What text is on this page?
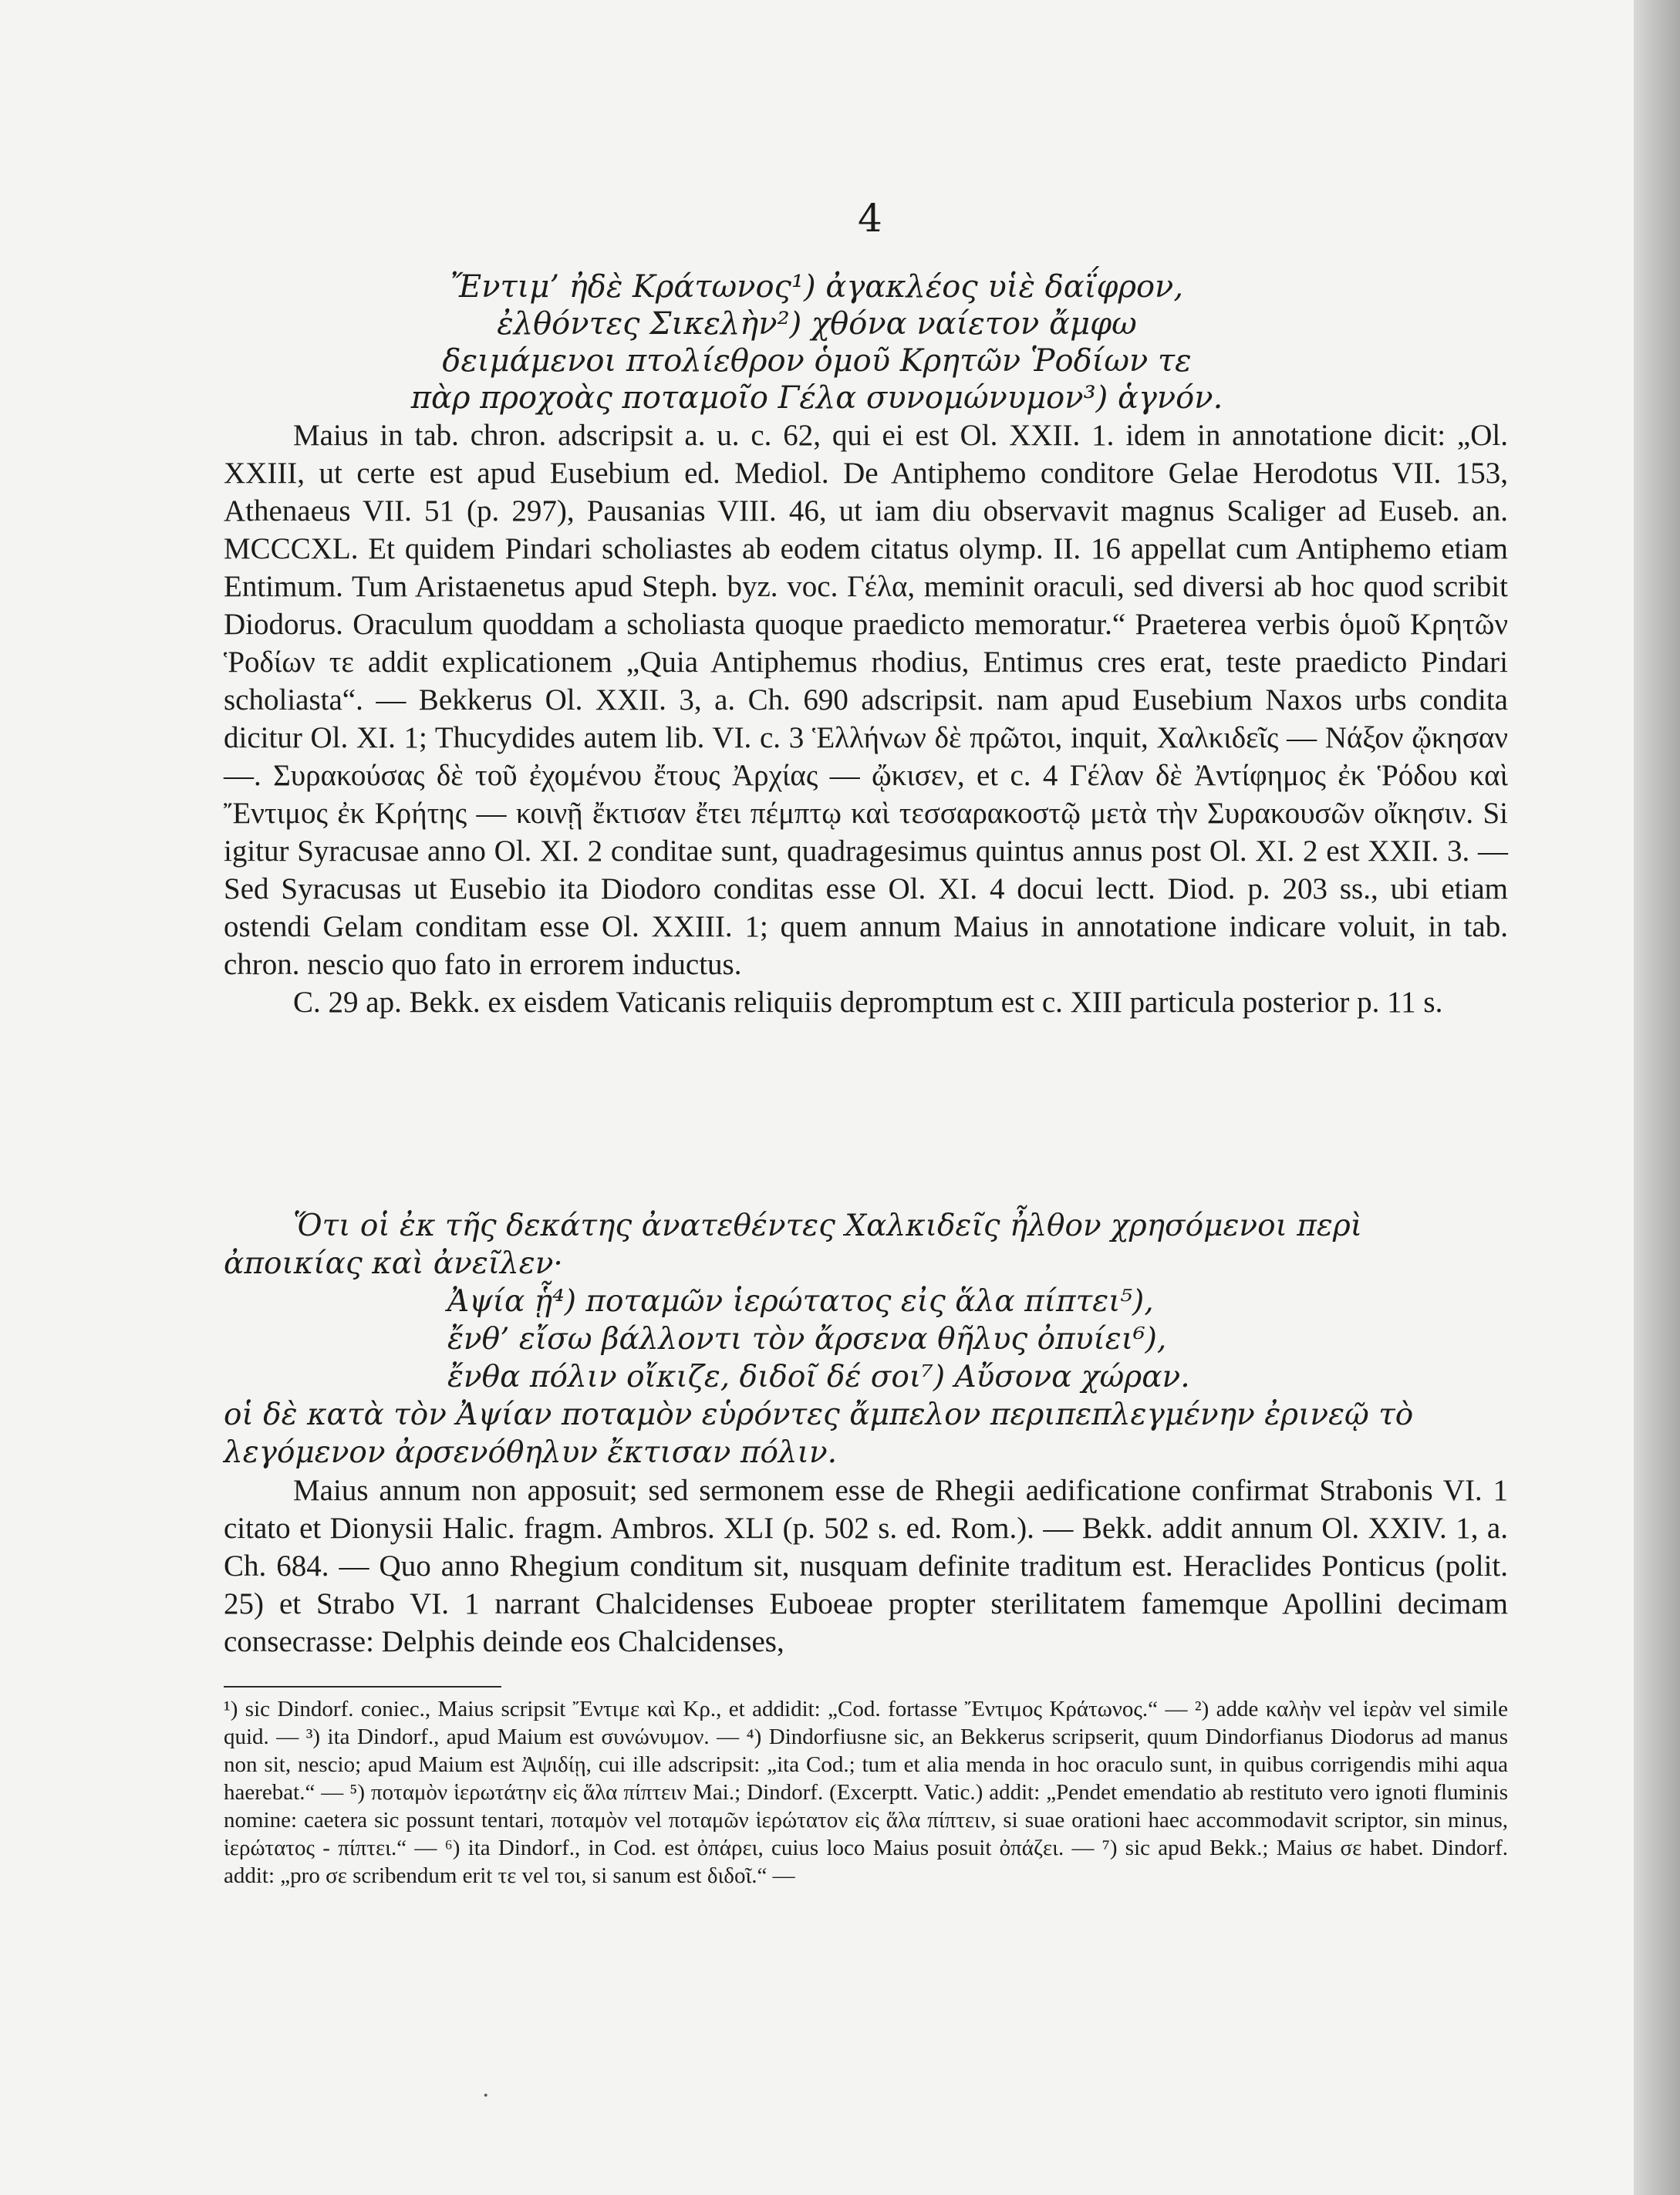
4
Ἔντιμ’ ἠδὲ Κράτωνος¹) ἀγακλέος υἱὲ δαΐφρον,
ἐλθόντες Σικελὴν²) χθόνα ναίετον ἄμφω
δειμάμενοι πτολίεθρον ὁμοῦ Κρητῶν Ῥοδίων τε
πὰρ προχοὰς ποταμοῖο Γέλα συνομώνυμον³) ἁγνόν.

Maius in tab. chron. adscripsit a. u. c. 62, qui ei est Ol. XXII. 1. idem in annotatione dicit: „Ol. XXIII, ut certe est apud Eusebium ed. Mediol. De Antiphemo conditore Gelae Herodotus VII. 153, Athenaeus VII. 51 (p. 297), Pausanias VIII. 46, ut iam diu observavit magnus Scaliger ad Euseb. an. MCCCXL. Et quidem Pindari scholiastes ab eodem citatus olymp. II. 16 appellat cum Antiphemo etiam Entimum. Tum Aristaenetus apud Steph. byz. voc. Γέλα, meminit oraculi, sed diversi ab hoc quod scribit Diodorus. Oraculum quoddam a scholiasta quoque praedicto memoratur.“ Praeterea verbis ὁμοῦ Κρητῶν Ῥοδίων τε addit explicationem „Quia Antiphemus rhodius, Entimus cres erat, teste praedicto Pindari scholiasta“. — Bekkerus Ol. XXII. 3, a. Ch. 690 adscripsit. nam apud Eusebium Naxos urbs condita dicitur Ol. XI. 1; Thucydides autem lib. VI. c. 3 Ἑλλήνων δὲ πρῶτοι, inquit, Χαλκιδεῖς — Νάξον ᾤκησαν —. Συρακούσας δὲ τοῦ ἐχομένου ἔτους Ἀρχίας — ᾤκισεν, et c. 4 Γέλαν δὲ Ἀντίφημος ἐκ Ῥόδου καὶ Ἔντιμος ἐκ Κρήτης — κοινῇ ἔκτισαν ἔτει πέμπτῳ καὶ τεσσαρακοστῷ μετὰ τὴν Συρακουσῶν οἴκησιν. Si igitur Syracusae anno Ol. XI. 2 conditae sunt, quadragesimus quintus annus post Ol. XI. 2 est XXII. 3. — Sed Syracusas ut Eusebio ita Diodoro conditas esse Ol. XI. 4 docui lectt. Diod. p. 203 ss., ubi etiam ostendi Gelam conditam esse Ol. XXIII. 1; quem annum Maius in annotatione indicare voluit, in tab. chron. nescio quo fato in errorem inductus.

C. 29 ap. Bekk. ex eisdem Vaticanis reliquiis depromptum est c. XIII particula posterior p. 11 s.

Ὅτι οἱ ἐκ τῆς δεκάτης ἀνατεθέντες Χαλκιδεῖς ἦλθον χρησόμενοι περὶ ἀποικίας καὶ ἀνεῖλεν·
Ἀψία ᾗ⁴) ποταμῶν ἱερώτατος εἰς ἅλα πίπτει⁵),
ἔνθ’ εἴσω βάλλοντι τὸν ἄρσενα θῆλυς ὀπυίει⁶),
ἔνθα πόλιν οἴκιζε, διδοῖ δέ σοι⁷) Αὔσονα χώραν.
οἱ δὲ κατὰ τὸν Ἀψίαν ποταμὸν εὑρόντες ἄμπελον περιπεπλεγμένην ἐρινεῷ τὸ λεγόμενον ἀρσενόθηλυν ἔκτισαν πόλιν.

Maius annum non apposuit; sed sermonem esse de Rhegii aedificatione confirmat Strabonis VI. 1 citato et Dionysii Halic. fragm. Ambros. XLI (p. 502 s. ed. Rom.). — Bekk. addit annum Ol. XXIV. 1, a. Ch. 684. — Quo anno Rhegium conditum sit, nusquam definite traditum est. Heraclides Ponticus (polit. 25) et Strabo VI. 1 narrant Chalcidenses Euboeae propter sterilitatem famemque Apollini decimam consecrasse: Delphis deinde eos Chalcidenses,

¹) sic Dindorf. coniec., Maius scripsit Ἔντιμε καὶ Κρ., et addidit: „Cod. fortasse Ἔντιμος Κράτωνος.“ — ²) adde καλὴν vel ἱερὰν vel simile quid. — ³) ita Dindorf., apud Maium est συνώνυμον. — ⁴) Dindorfiusne sic, an Bekkerus scripserit, quum Dindorfianus Diodorus ad manus non sit, nescio; apud Maium est Ἀψιδίῃ, cui ille adscripsit: „ita Cod.; tum et alia menda in hoc oraculo sunt, in quibus corrigendis mihi aqua haerebat.“ — ⁵) ποταμὸν ἱερωτάτην εἰς ἅλα πίπτειν Mai.; Dindorf. (Excerptt. Vatic.) addit: „Pendet emendatio ab restituto vero ignoti fluminis nomine: caetera sic possunt tentari, ποταμὸν vel ποταμῶν ἱερώτατον εἰς ἅλα πίπτειν, si suae orationi haec accommodavit scriptor, sin minus, ἱερώτατος - πίπτει.“ — ⁶) ita Dindorf., in Cod. est ὀπάρει, cuius loco Maius posuit ὀπάζει. — ⁷) sic apud Bekk.; Maius σε habet. Dindorf. addit: „pro σε scribendum erit τε vel τοι, si sanum est διδοῖ.“ —

·
